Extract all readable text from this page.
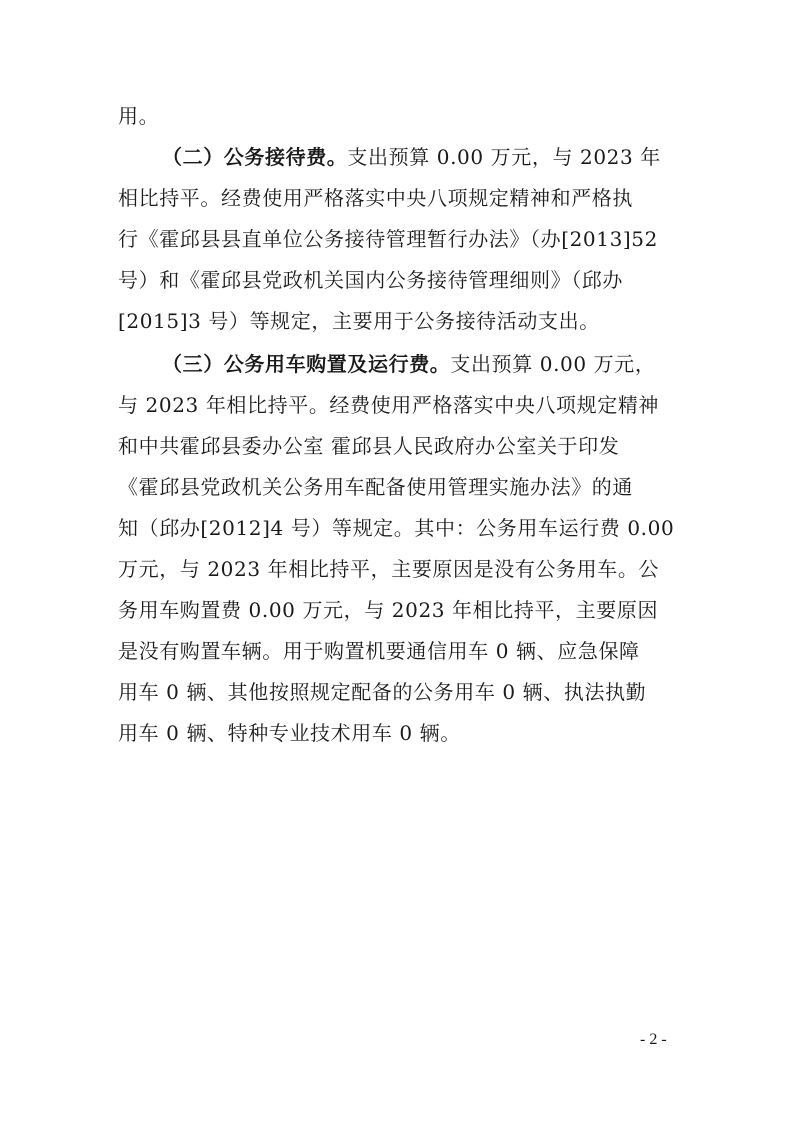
用。
（二）公务接待费。支出预算 0.00 万元，与 2023 年
相比持平。经费使用严格落实中央八项规定精神和严格执
行《霍邱县县直单位公务接待管理暂行办法》（办[2013]52
号）和《霍邱县党政机关国内公务接待管理细则》（邱办
[2015]3 号）等规定，主要用于公务接待活动支出。
（三）公务用车购置及运行费。支出预算 0.00 万元，
与 2023 年相比持平。经费使用严格落实中央八项规定精神
和中共霍邱县委办公室 霍邱县人民政府办公室关于印发
《霍邱县党政机关公务用车配备使用管理实施办法》的通
知（邱办[2012]4 号）等规定。其中：公务用车运行费 0.00
万元，与 2023 年相比持平，主要原因是没有公务用车。公
务用车购置费 0.00 万元，与 2023 年相比持平，主要原因
是没有购置车辆。用于购置机要通信用车 0 辆、应急保障
用车 0 辆、其他按照规定配备的公务用车 0 辆、执法执勤
用车 0 辆、特种专业技术用车 0 辆。
- 2 -
